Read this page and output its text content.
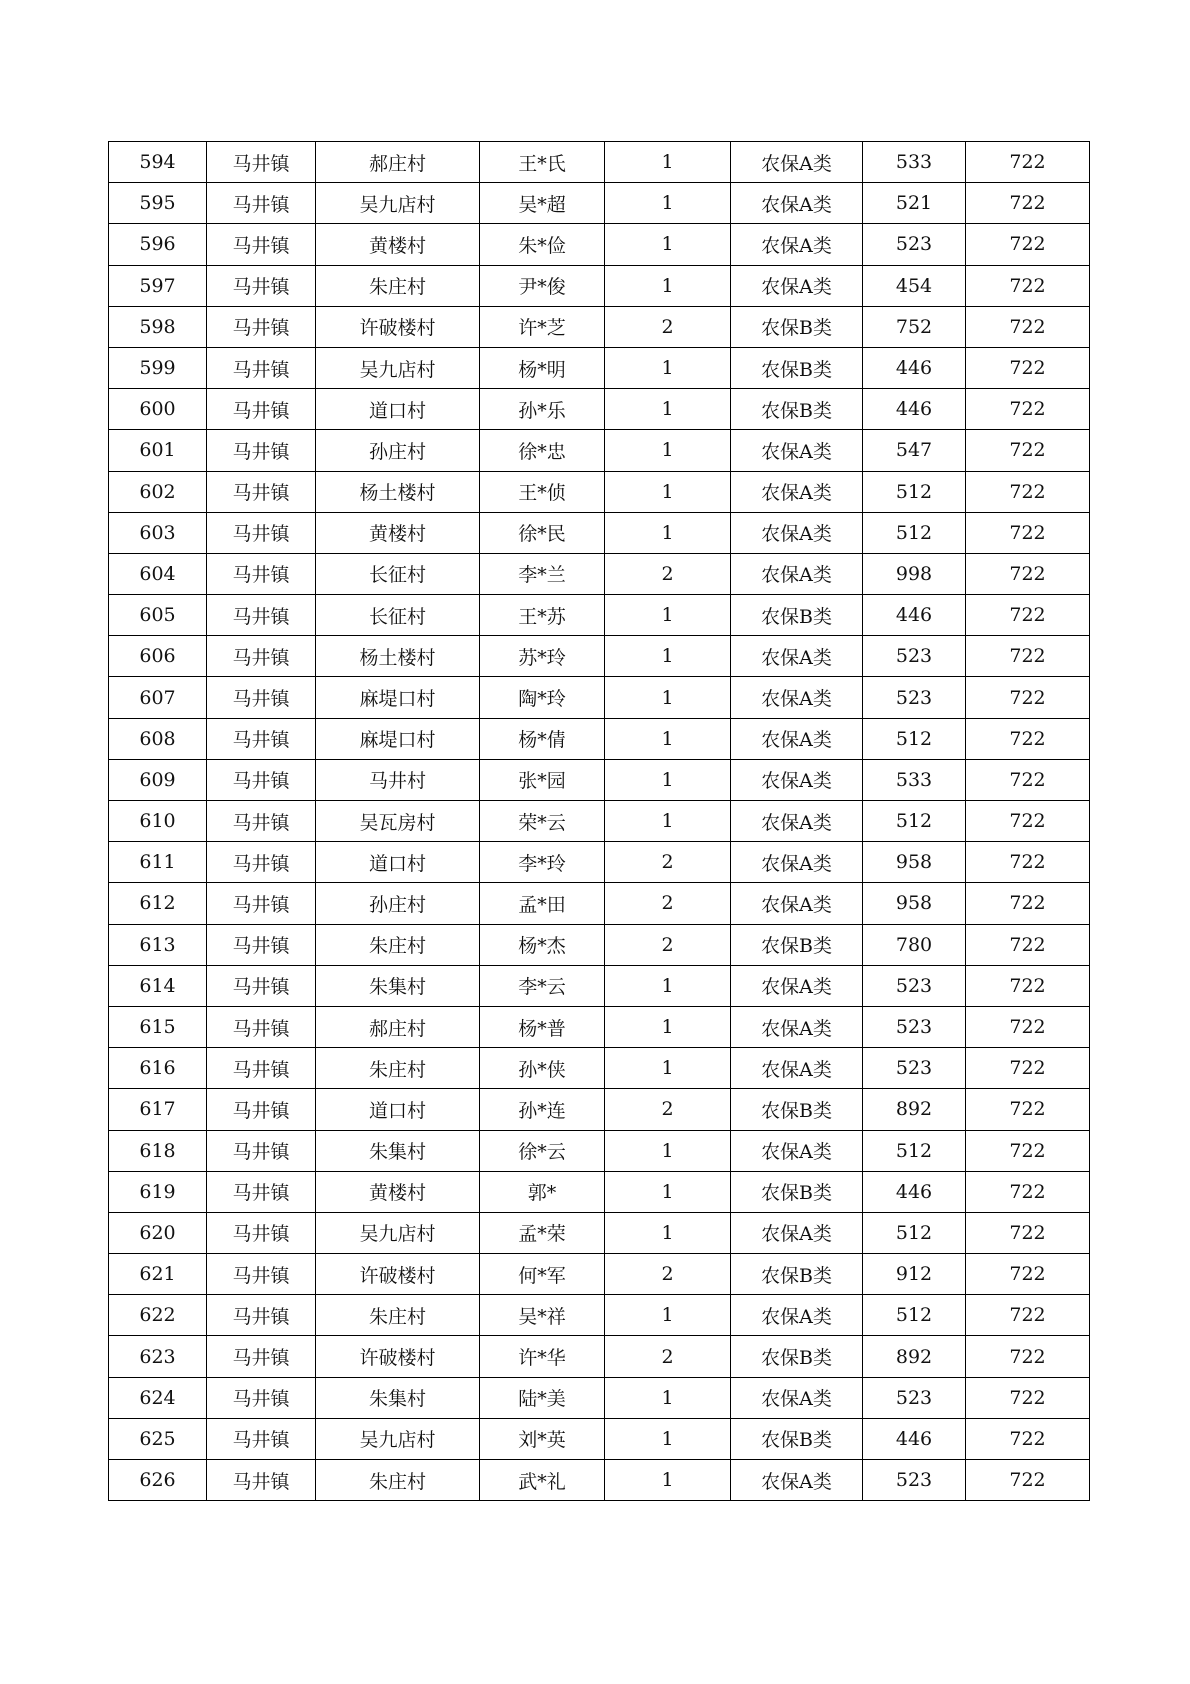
594	马井镇	郝庄村	王*氏	1	农保A类	533	722
595	马井镇	吴九店村	吴*超	1	农保A类	521	722
596	马井镇	黄楼村	朱*俭	1	农保A类	523	722
597	马井镇	朱庄村	尹*俊	1	农保A类	454	722
598	马井镇	许破楼村	许*芝	2	农保B类	752	722
599	马井镇	吴九店村	杨*明	1	农保B类	446	722
600	马井镇	道口村	孙*乐	1	农保B类	446	722
601	马井镇	孙庄村	徐*忠	1	农保A类	547	722
602	马井镇	杨土楼村	王*侦	1	农保A类	512	722
603	马井镇	黄楼村	徐*民	1	农保A类	512	722
604	马井镇	长征村	李*兰	2	农保A类	998	722
605	马井镇	长征村	王*苏	1	农保B类	446	722
606	马井镇	杨土楼村	苏*玲	1	农保A类	523	722
607	马井镇	麻堤口村	陶*玲	1	农保A类	523	722
608	马井镇	麻堤口村	杨*倩	1	农保A类	512	722
609	马井镇	马井村	张*园	1	农保A类	533	722
610	马井镇	吴瓦房村	荣*云	1	农保A类	512	722
611	马井镇	道口村	李*玲	2	农保A类	958	722
612	马井镇	孙庄村	孟*田	2	农保A类	958	722
613	马井镇	朱庄村	杨*杰	2	农保B类	780	722
614	马井镇	朱集村	李*云	1	农保A类	523	722
615	马井镇	郝庄村	杨*普	1	农保A类	523	722
616	马井镇	朱庄村	孙*侠	1	农保A类	523	722
617	马井镇	道口村	孙*连	2	农保B类	892	722
618	马井镇	朱集村	徐*云	1	农保A类	512	722
619	马井镇	黄楼村	郭*	1	农保B类	446	722
620	马井镇	吴九店村	孟*荣	1	农保A类	512	722
621	马井镇	许破楼村	何*军	2	农保B类	912	722
622	马井镇	朱庄村	吴*祥	1	农保A类	512	722
623	马井镇	许破楼村	许*华	2	农保B类	892	722
624	马井镇	朱集村	陆*美	1	农保A类	523	722
625	马井镇	吴九店村	刘*英	1	农保B类	446	722
626	马井镇	朱庄村	武*礼	1	农保A类	523	722
